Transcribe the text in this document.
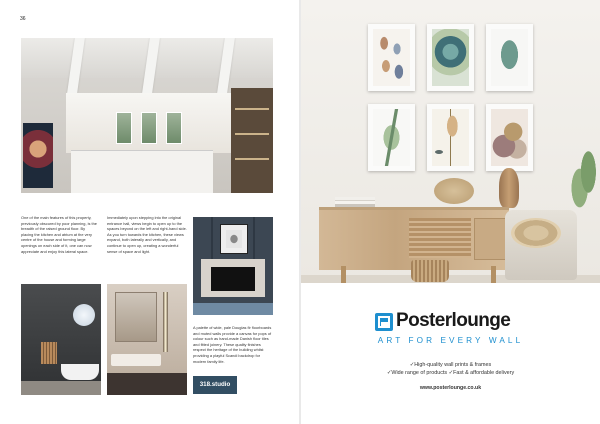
36

One of the main features of this property, previously obscured by poor planning, is the breadth of the raised ground floor. By placing the kitchen and atrium at the very centre of the house and forming large openings on each side of it, one can now appreciate and enjoy this lateral space.

Immediately upon stepping into the original entrance hall, views begin to open up to the spaces beyond on the left and right-hand side. As you turn towards the kitchen, these views expand, both laterally and vertically, and continue to open up, creating a wonderful sense of space and light.

A palette of wide, pale Douglas fir floorboards and muted walls provide a canvas for pops of colour such as hand-made Danish floor tiles and fitted joinery. These quality finishes respect the heritage of the building whilst providing a playful Scandi backdrop for modern family life.

318.studio
Posterlounge
ART FOR EVERY WALL
✓High-quality wall prints & frames
✓Wide range of products ✓Fast & affordable delivery
www.posterlounge.co.uk
